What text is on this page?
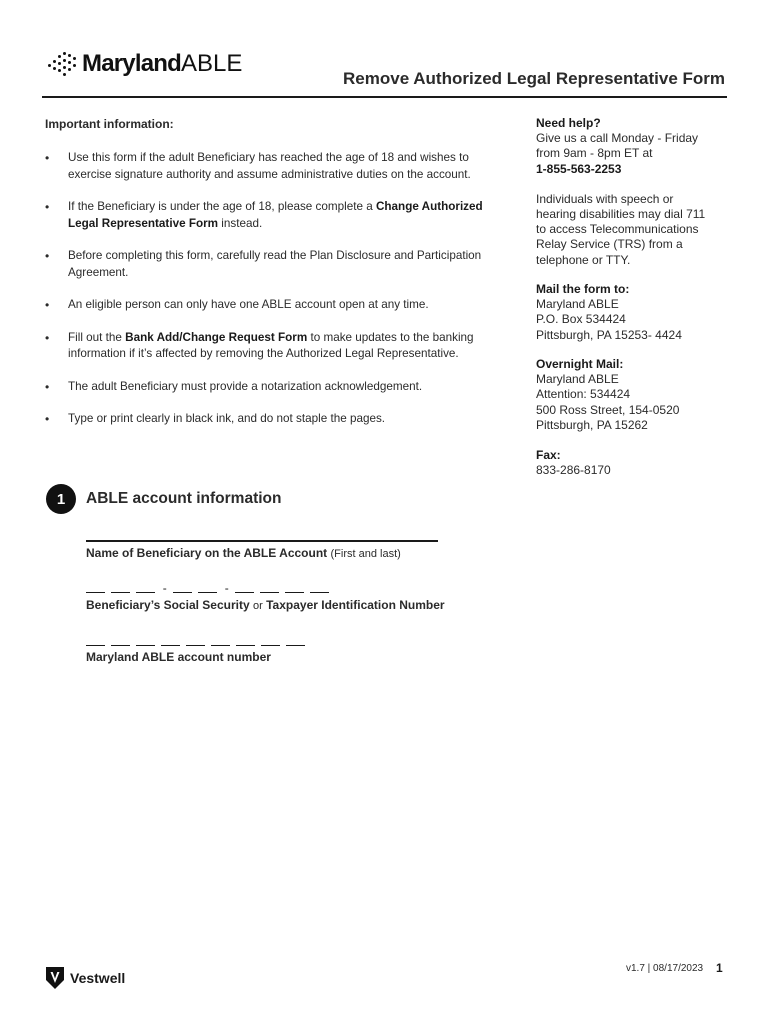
MarylandABLE
Remove Authorized Legal Representative Form
Important information:
• Use this form if the adult Beneficiary has reached the age of 18 and wishes to exercise signature authority and assume administrative duties on the account.
• If the Beneficiary is under the age of 18, please complete a Change Authorized Legal Representative Form instead.
• Before completing this form, carefully read the Plan Disclosure and Participation Agreement.
• An eligible person can only have one ABLE account open at any time.
• Fill out the Bank Add/Change Request Form to make updates to the banking information if it’s affected by removing the Authorized Legal Representative.
• The adult Beneficiary must provide a notarization acknowledgement.
• Type or print clearly in black ink, and do not staple the pages.
Need help?
Give us a call Monday - Friday
from 9am - 8pm ET at
1-855-563-2253
Individuals with speech or
hearing disabilities may dial 711
to access Telecommunications
Relay Service (TRS) from a
telephone or TTY.
Mail the form to:
Maryland ABLE
P.O. Box 534424
Pittsburgh, PA 15253- 4424
Overnight Mail:
Maryland ABLE
Attention: 534424
500 Ross Street, 154-0520
Pittsburgh, PA 15262
Fax:
833-286-8170
1	ABLE account information
Name of Beneficiary on the ABLE Account (First and last)
-	-
Beneficiary’s Social Security or Taxpayer Identification Number
Maryland ABLE account number
Vestwell
v1.7 | 08/17/2023 1
